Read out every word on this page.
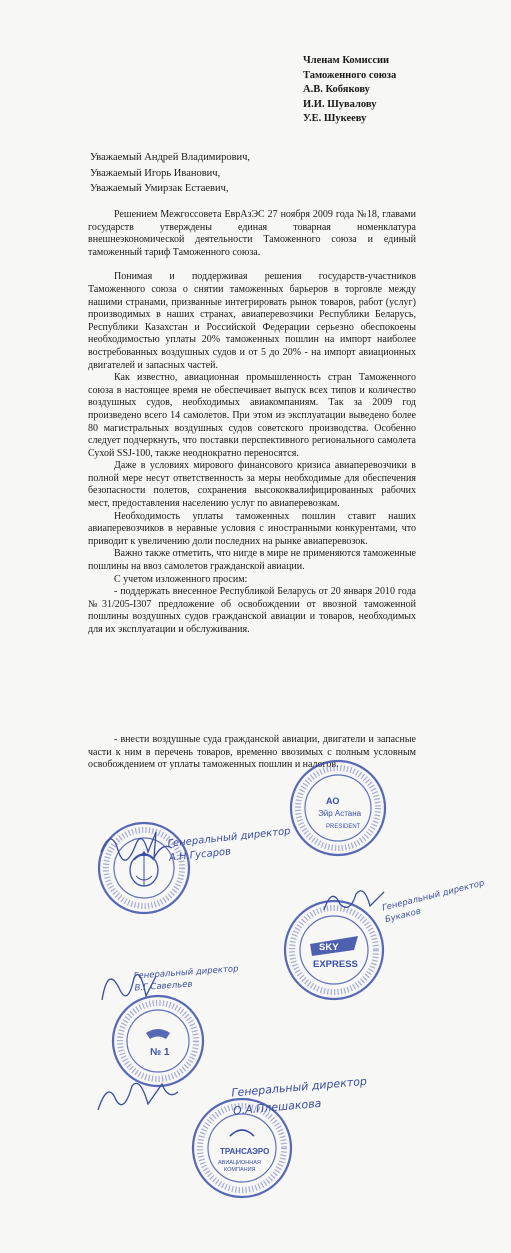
Членам Комиссии
Таможенного союза
А.В. Кобякову
И.И. Шувалову
У.Е. Шукееву
Уважаемый Андрей Владимирович,
Уважаемый Игорь Иванович,
Уважаемый Умирзак Естаевич,

Решением Межгоссовета ЕврАзЭС 27 ноября 2009 года №18, главами государств утверждены единая товарная номенклатура внешнеэкономической деятельности Таможенного союза и единый таможенный тариф Таможенного союза.

Понимая и поддерживая решения государств-участников Таможенного союза о снятии таможенных барьеров в торговле между нашими странами, призванные интегрировать рынок товаров, работ (услуг) производимых в наших странах, авиаперевозчики Республики Беларусь, Республики Казахстан и Российской Федерации серьезно обеспокоены необходимостью уплаты 20% таможенных пошлин на импорт наиболее востребованных воздушных судов и от 5 до 20% - на импорт авиационных двигателей и запасных частей.

Как известно, авиационная промышленность стран Таможенного союза в настоящее время не обеспечивает выпуск всех типов и количество воздушных судов, необходимых авиакомпаниям. Так за 2009 год произведено всего 14 самолетов. При этом из эксплуатации выведено более 80 магистральных воздушных судов советского производства. Особенно следует подчеркнуть, что поставки перспективного регионального самолета Сухой SSJ-100, также неоднократно переносятся.

Даже в условиях мирового финансового кризиса авиаперевозчики в полной мере несут ответственность за меры необходимые для обеспечения безопасности полетов, сохранения высококвалифицированных рабочих мест, предоставления населению услуг по авиаперевозкам.

Необходимость уплаты таможенных пошлин ставит наших авиаперевозчиков в неравные условия с иностранными конкурентами, что приводит к увеличению доли последних на рынке авиаперевозок.

Важно также отметить, что нигде в мире не применяются таможенные пошлины на ввоз самолетов гражданской авиации.

С учетом изложенного просим:

- поддержать внесенное Республикой Беларусь от 20 января 2010 года №31/205-I307 предложение об освобождении от ввозной таможенной пошлины воздушных судов гражданской авиации и товаров, необходимых для их эксплуатации и обслуживания.

- внести воздушные суда гражданской авиации, двигатели и запасные части к ним в перечень товаров, временно ввозимых с полным условным освобождением от уплаты таможенных пошлин и налогов.

АО
Эйр Астана
PRESIDENT
SKY
EXPRESS
№ 1
ТРАНСАЭРО
АВИАЦИОННАЯ
КОМПАНИЯ
Генеральный директор А.Н.Гусаров
Генеральный директор Букаков
Генеральный директор В.Г.Савельев
Генеральный директор О.А.Плешакова
